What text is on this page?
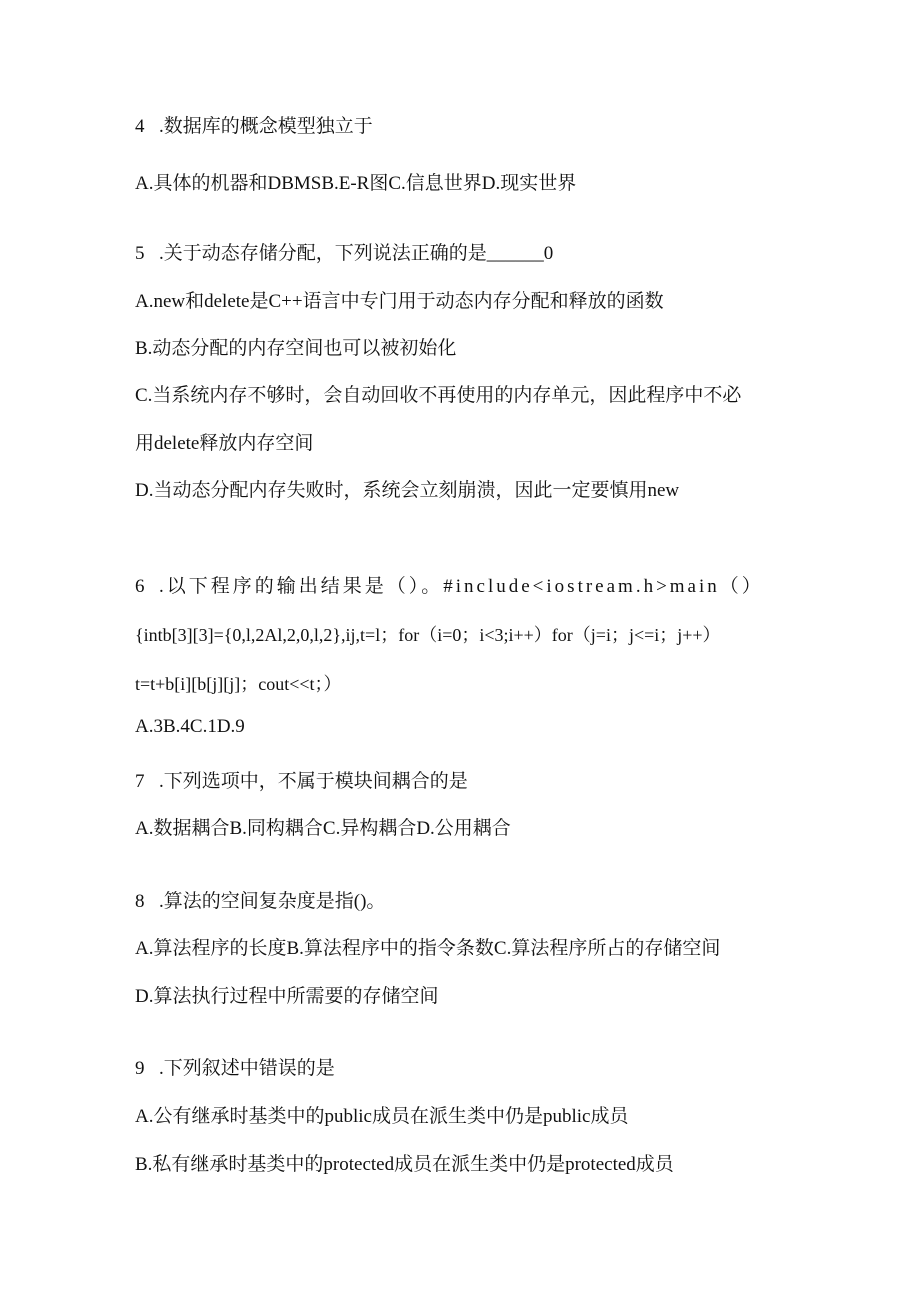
4 .数据库的概念模型独立于

A.具体的机器和DBMSB.E-R图C.信息世界D.现实世界

5 .关于动态存储分配，下列说法正确的是______0

A.new和delete是C++语言中专门用于动态内存分配和释放的函数

B.动态分配的内存空间也可以被初始化

C.当系统内存不够时，会自动回收不再使用的内存单元，因此程序中不必

用delete释放内存空间

D.当动态分配内存失败时，系统会立刻崩溃，因此一定要慎用new

6 .以下程序的输出结果是（）。#include<iostream.h>main（）

{intb[3][3]={0,l,2Al,2,0,l,2},ij,t=l；for（i=0；i<3;i++）for（j=i；j<=i；j++）

t=t+b[i][b[j][j]；cout<<t；）

A.3B.4C.1D.9

7 .下列选项中，不属于模块间耦合的是

A.数据耦合B.同构耦合C.异构耦合D.公用耦合

8 .算法的空间复杂度是指()。

A.算法程序的长度B.算法程序中的指令条数C.算法程序所占的存储空间

D.算法执行过程中所需要的存储空间

9 .下列叙述中错误的是

A.公有继承时基类中的public成员在派生类中仍是public成员

B.私有继承时基类中的protected成员在派生类中仍是protected成员
